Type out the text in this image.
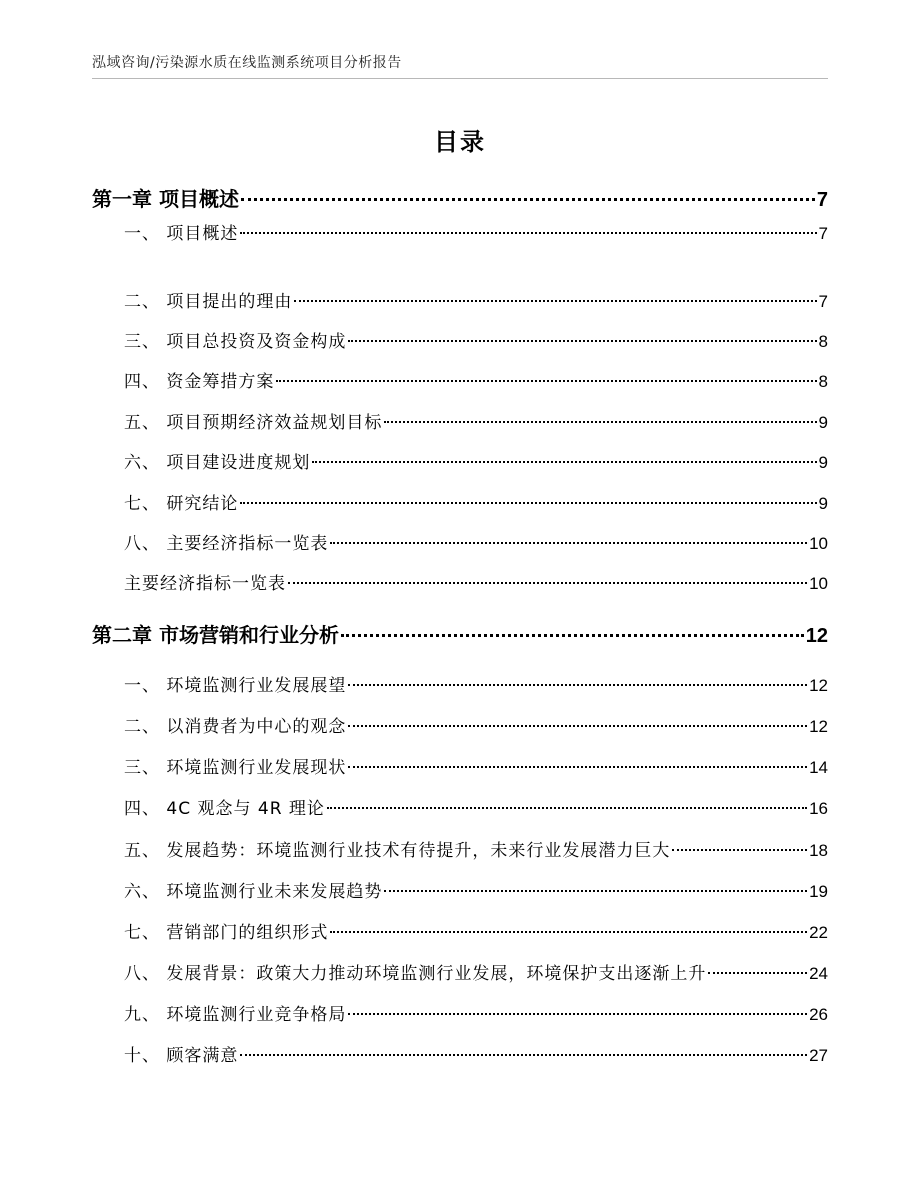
泓域咨询/污染源水质在线监测系统项目分析报告
目录
第一章 项目概述	7
一、 项目概述	7
二、 项目提出的理由	7
三、 项目总投资及资金构成	8
四、 资金筹措方案	8
五、 项目预期经济效益规划目标	9
六、 项目建设进度规划	9
七、 研究结论	9
八、 主要经济指标一览表	10
主要经济指标一览表	10
第二章 市场营销和行业分析	12
一、 环境监测行业发展展望	12
二、 以消费者为中心的观念	12
三、 环境监测行业发展现状	14
四、 4C 观念与 4R 理论	16
五、 发展趋势：环境监测行业技术有待提升，未来行业发展潜力巨大	18
六、 环境监测行业未来发展趋势	19
七、 营销部门的组织形式	22
八、 发展背景：政策大力推动环境监测行业发展，环境保护支出逐渐上升	24
九、 环境监测行业竞争格局	26
十、 顾客满意	27
